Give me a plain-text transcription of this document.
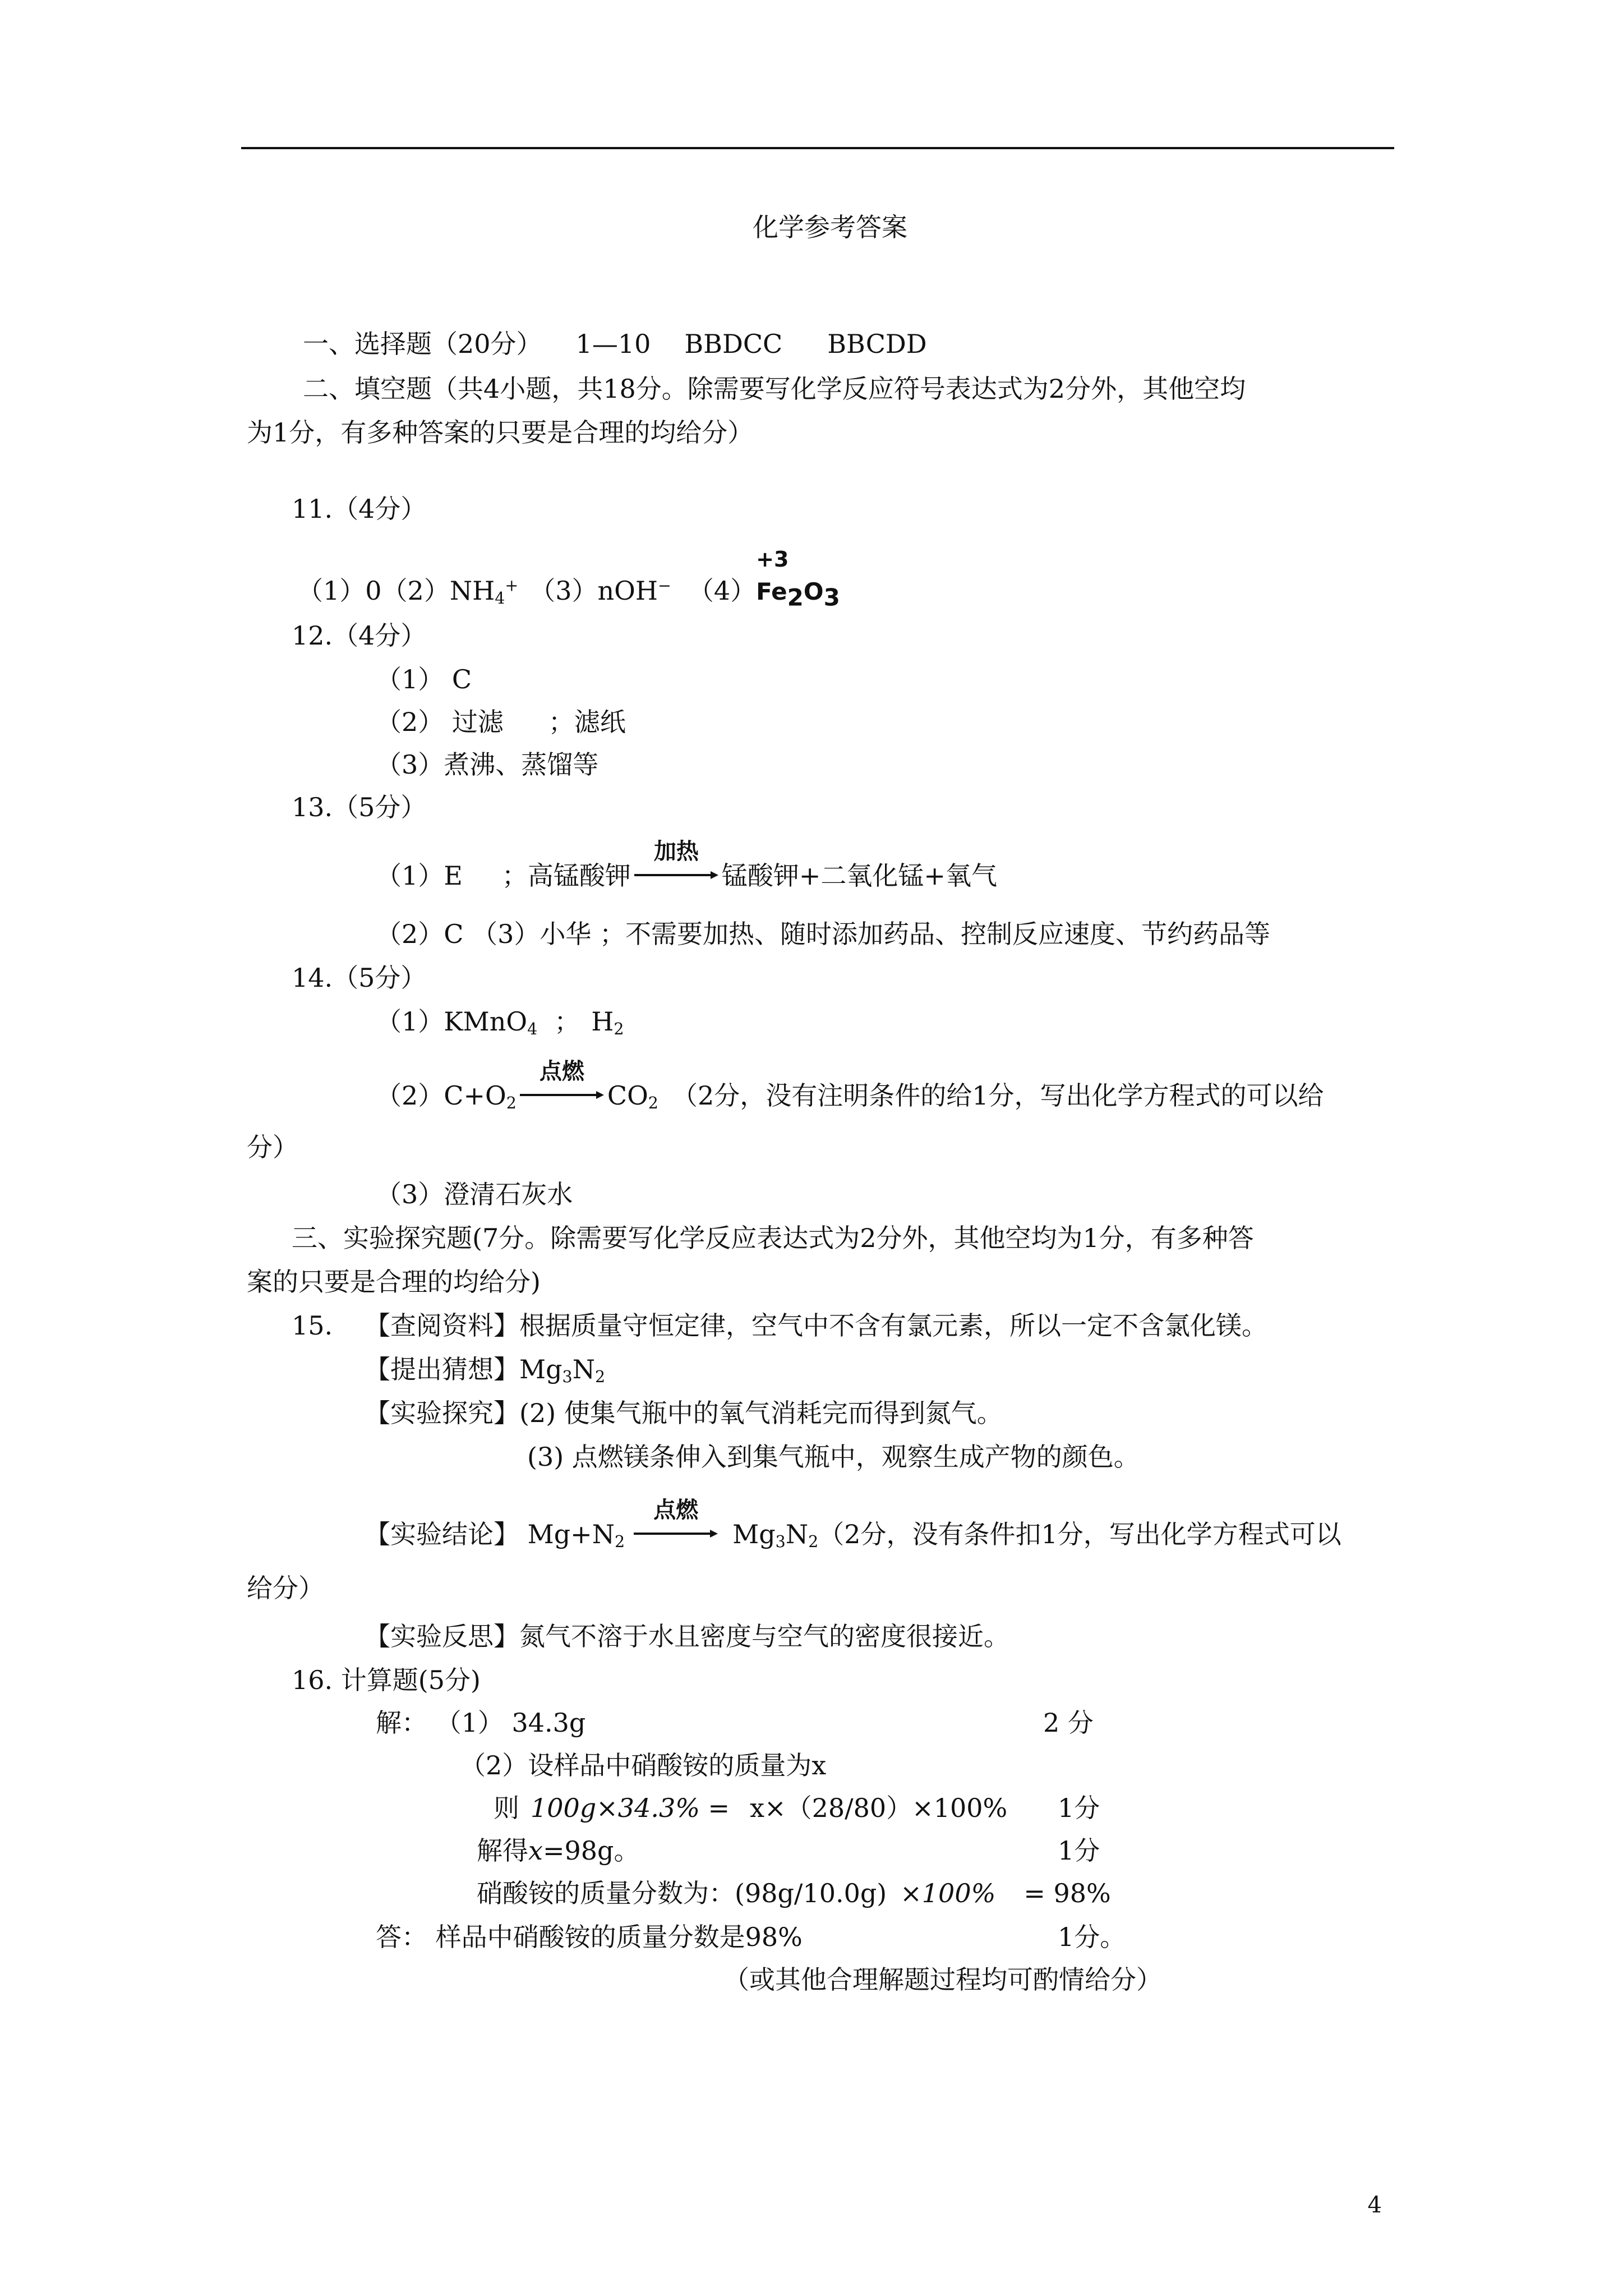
化学参考答案
一、选择题（20分） 1—10 BBDCC BBCDD
二、填空题（共4小题，共18分。除需要写化学反应符号表达式为2分外，其他空均
为1分，有多种答案的只要是合理的均给分）
11.（4分）
$(1)0(2)NH_4^+$ （3）nOH− （4）
+3
$Fe_2O_3$
12.（4分）
（1） C
（2） 过滤 ；滤纸
（3）煮沸、蒸馏等
13.（5分）
（1）E ；高锰酸钾
加热
锰酸钾+二氧化锰+氧气
（2）C （3）小华 ；不需要加热、随时添加药品、控制反应速度、节约药品等
14.（5分）
（1）KMnO$_4$ ； $H_2$
$(2)C+O_2$
点燃
$CO_2$ （2分，没有注明条件的给1分，写出化学方程式的可以给
分）
（3）澄清石灰水
三、实验探究题(7分。除需要写化学反应表达式为2分外，其他空均为1分，有多种答
案的只要是合理的均给分)
15. 【查阅资料】根据质量守恒定律，空气中不含有氯元素，所以一定不含氯化镁。
【提出猜想】$Mg_3N_2$
【实验探究】(2) 使集气瓶中的氧气消耗完而得到氮气。
(3) 点燃镁条伸入到集气瓶中，观察生成产物的颜色。
【实验结论】 $Mg+N_2$
点燃
$Mg_3N_2(2$分，没有条件扣1分，写出化学方程式可以
给分）
【实验反思】氮气不溶于水且密度与空气的密度很接近。
16. 计算题(5分)
解： （1） 34.3g	2 分
（2）设样品中硝酸铵的质量为x
则 100g×34.3% = x×（28/80）×100% 1分
解得x=98g。	1分
硝酸铵的质量分数为：(98g/10.0g) ×100% = 98%
答： 样品中硝酸铵的质量分数是98%	1分。
（或其他合理解题过程均可酌情给分）
4
